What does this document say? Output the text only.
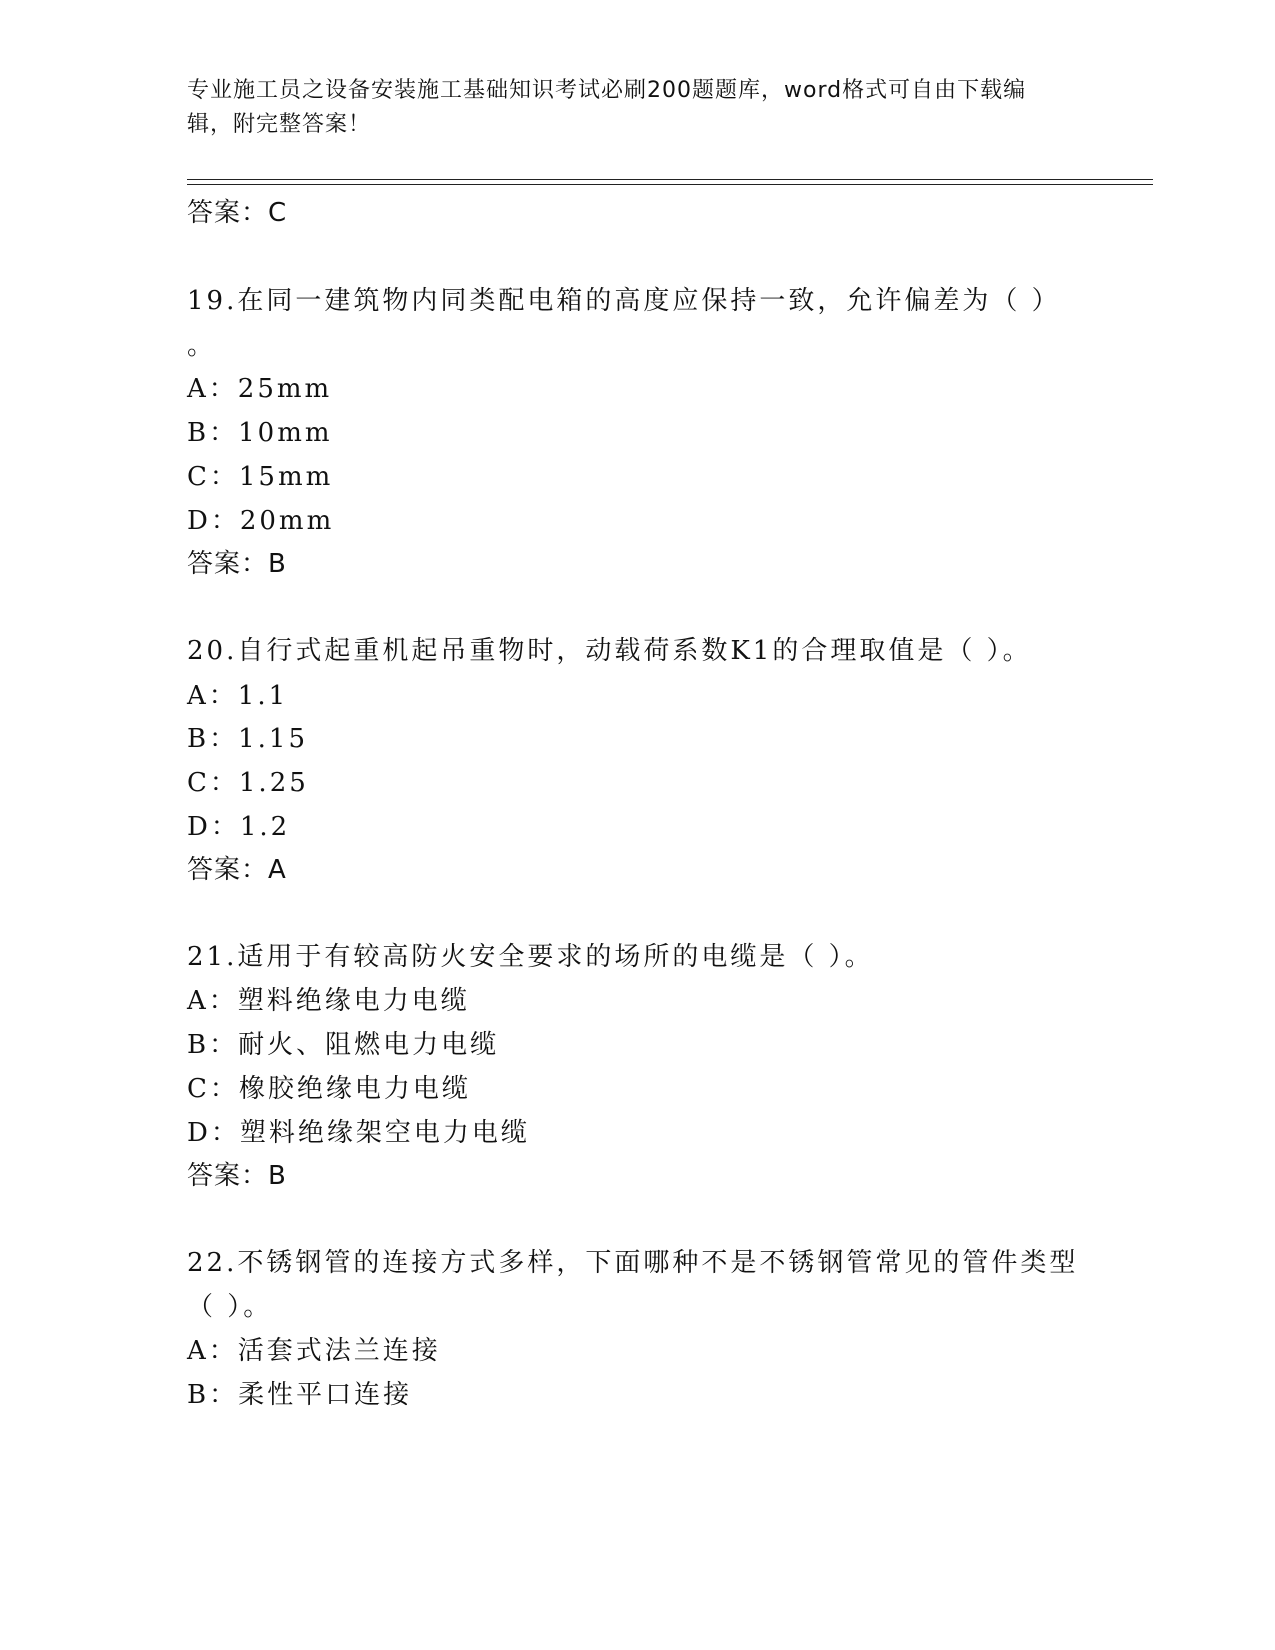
专业施工员之设备安装施工基础知识考试必刷200题题库，word格式可自由下载编辑，附完整答案！
答案：C
19.在同一建筑物内同类配电箱的高度应保持一致，允许偏差为（ ）
。
A：25mm
B：10mm
C：15mm
D：20mm
答案：B
20.自行式起重机起吊重物时，动载荷系数K1的合理取值是（ ）。
A：1.1
B：1.15
C：1.25
D：1.2
答案：A
21.适用于有较高防火安全要求的场所的电缆是（ ）。
A：塑料绝缘电力电缆
B：耐火、阻燃电力电缆
C：橡胶绝缘电力电缆
D：塑料绝缘架空电力电缆
答案：B
22.不锈钢管的连接方式多样，下面哪种不是不锈钢管常见的管件类型
（ ）。
A：活套式法兰连接
B：柔性平口连接
